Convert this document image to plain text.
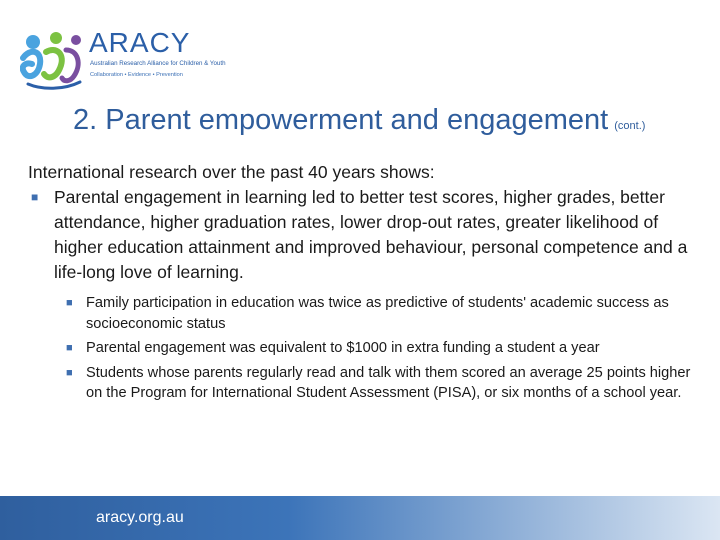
ARACY
Australian Research Alliance for Children & Youth
Collaboration • Evidence • Prevention
2. Parent empowerment and engagement (cont.)

International research over the past 40 years shows:

■ Parental engagement in learning led to better test scores, higher grades, better attendance, higher graduation rates, lower drop-out rates, greater likelihood of higher education attainment and improved behaviour, personal competence and a life-long love of learning.
■ Family participation in education was twice as predictive of students' academic success as socioeconomic status
■ Parental engagement was equivalent to $1000 in extra funding a student a year
■ Students whose parents regularly read and talk with them scored an average 25 points higher on the Program for International Student Assessment (PISA), or six months of a school year.
aracy.org.au
